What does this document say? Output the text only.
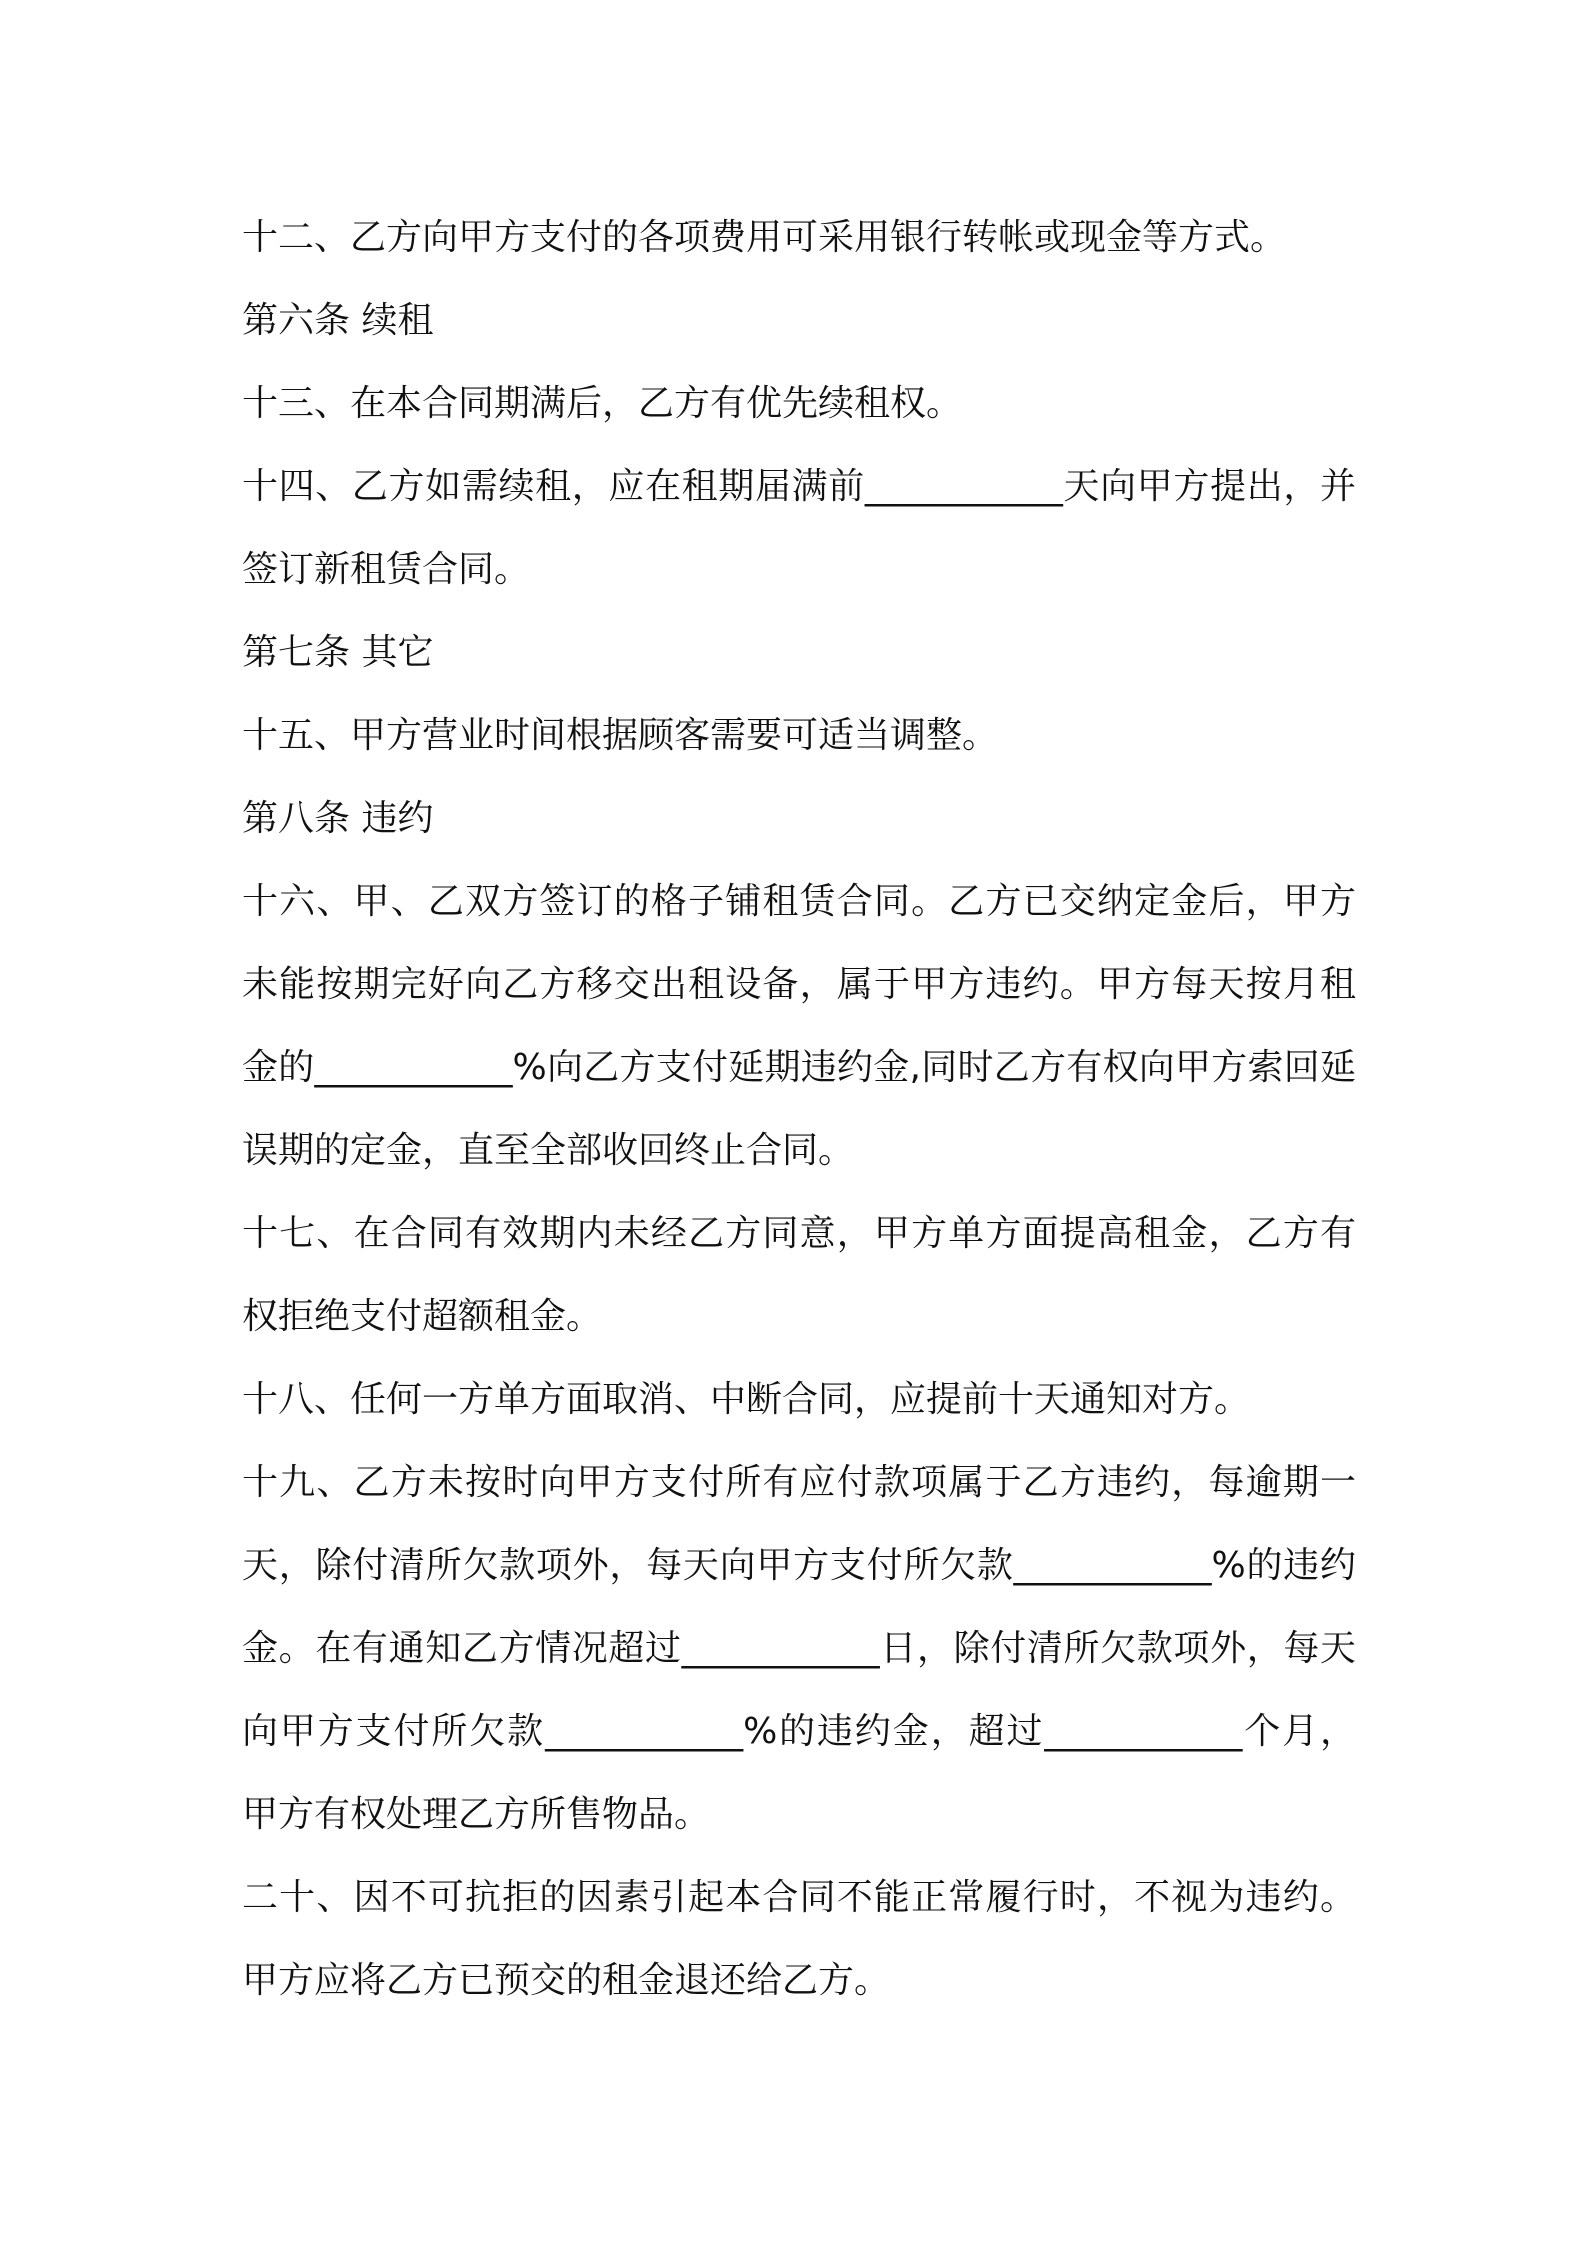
十二、乙方向甲方支付的各项费用可采用银行转帐或现金等方式。

第六条 续租

十三、在本合同期满后，乙方有优先续租权。

十四、乙方如需续租，应在租期届满前___________天向甲方提出，并签订新租赁合同。

第七条 其它

十五、甲方营业时间根据顾客需要可适当调整。

第八条 违约

十六、甲、乙双方签订的格子铺租赁合同。乙方已交纳定金后，甲方未能按期完好向乙方移交出租设备，属于甲方违约。甲方每天按月租金的___________%向乙方支付延期违约金,同时乙方有权向甲方索回延误期的定金，直至全部收回终止合同。

十七、在合同有效期内未经乙方同意，甲方单方面提高租金，乙方有权拒绝支付超额租金。

十八、任何一方单方面取消、中断合同，应提前十天通知对方。

十九、乙方未按时向甲方支付所有应付款项属于乙方违约，每逾期一天，除付清所欠款项外，每天向甲方支付所欠款___________%的违约金。在有通知乙方情况超过___________日，除付清所欠款项外，每天向甲方支付所欠款___________%的违约金，超过___________个月，甲方有权处理乙方所售物品。

二十、因不可抗拒的因素引起本合同不能正常履行时，不视为违约。甲方应将乙方已预交的租金退还给乙方。
